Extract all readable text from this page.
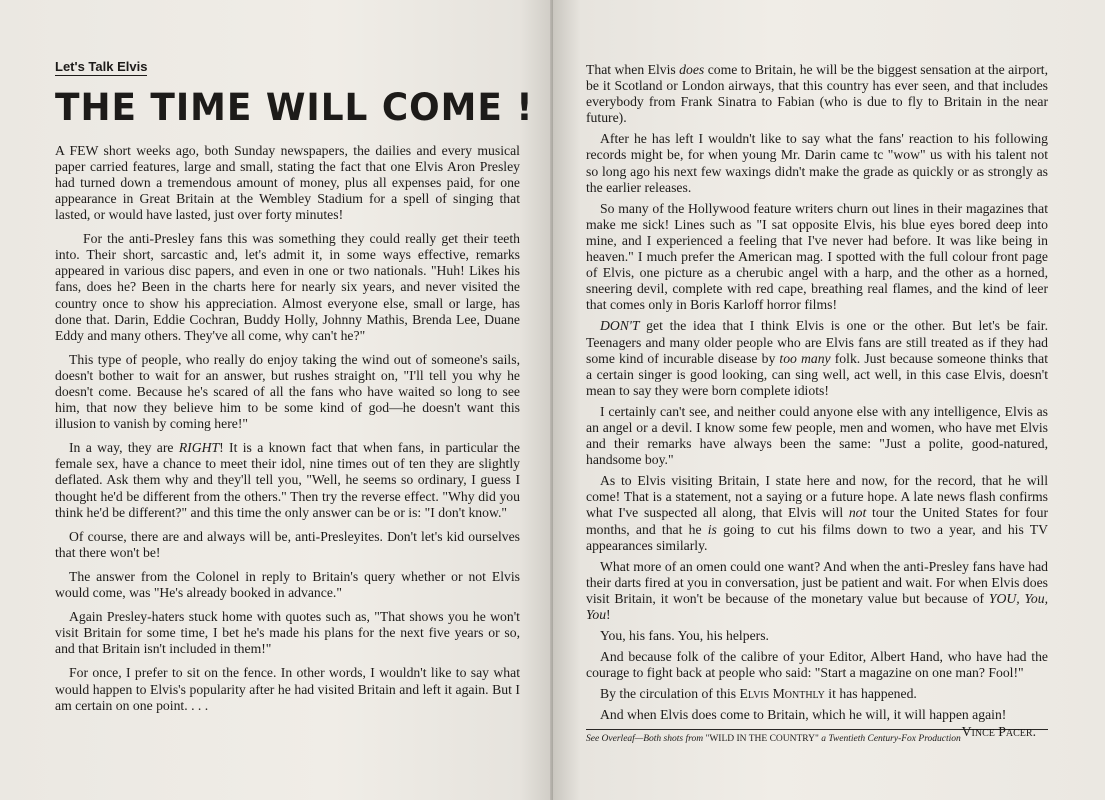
Let's Talk Elvis
THE TIME WILL COME !

A FEW short weeks ago, both Sunday newspapers, the dailies and every musical paper carried features, large and small, stating the fact that one Elvis Aron Presley had turned down a tremendous amount of money, plus all expenses paid, for one appearance in Great Britain at the Wembley Stadium for a spell of singing that lasted, or would have lasted, just over forty minutes!

For the anti-Presley fans this was something they could really get their teeth into. Their short, sarcastic and, let's admit it, in some ways effective, remarks appeared in various disc papers, and even in one or two nationals. "Huh! Likes his fans, does he? Been in the charts here for nearly six years, and never visited the country once to show his appreciation. Almost everyone else, small or large, has done that. Darin, Eddie Cochran, Buddy Holly, Johnny Mathis, Brenda Lee, Duane Eddy and many others. They've all come, why can't he?"

This type of people, who really do enjoy taking the wind out of someone's sails, doesn't bother to wait for an answer, but rushes straight on, "I'll tell you why he doesn't come. Because he's scared of all the fans who have waited so long to see him, that now they believe him to be some kind of god—he doesn't want this illusion to vanish by coming here!"

In a way, they are RIGHT! It is a known fact that when fans, in particular the female sex, have a chance to meet their idol, nine times out of ten they are slightly deflated. Ask them why and they'll tell you, "Well, he seems so ordinary, I guess I thought he'd be different from the others." Then try the reverse effect. "Why did you think he'd be different?" and this time the only answer can be or is: "I don't know."

Of course, there are and always will be, anti-Presleyites. Don't let's kid ourselves that there won't be!

The answer from the Colonel in reply to Britain's query whether or not Elvis would come, was "He's already booked in advance."

Again Presley-haters stuck home with quotes such as, "That shows you he won't visit Britain for some time, I bet he's made his plans for the next five years or so, and that Britain isn't included in them!"

For once, I prefer to sit on the fence. In other words, I wouldn't like to say what would happen to Elvis's popularity after he had visited Britain and left it again. But I am certain on one point. . . .

That when Elvis does come to Britain, he will be the biggest sensation at the airport, be it Scotland or London airways, that this country has ever seen, and that includes everybody from Frank Sinatra to Fabian (who is due to fly to Britain in the near future).

After he has left I wouldn't like to say what the fans' reaction to his following records might be, for when young Mr. Darin came tc "wow" us with his talent not so long ago his next few waxings didn't make the grade as quickly or as strongly as the earlier releases.

So many of the Hollywood feature writers churn out lines in their magazines that make me sick! Lines such as "I sat opposite Elvis, his blue eyes bored deep into mine, and I experienced a feeling that I've never had before. It was like being in heaven." I much prefer the American mag. I spotted with the full colour front page of Elvis, one picture as a cherubic angel with a harp, and the other as a horned, sneering devil, complete with red cape, breathing real flames, and the kind of leer that comes only in Boris Karloff horror films!

DON'T get the idea that I think Elvis is one or the other. But let's be fair. Teenagers and many older people who are Elvis fans are still treated as if they had some kind of incurable disease by too many folk. Just because someone thinks that a certain singer is good looking, can sing well, act well, in this case Elvis, doesn't mean to say they were born complete idiots!

I certainly can't see, and neither could anyone else with any intelligence, Elvis as an angel or a devil. I know some few people, men and women, who have met Elvis and their remarks have always been the same: "Just a polite, good-natured, handsome boy."

As to Elvis visiting Britain, I state here and now, for the record, that he will come! That is a statement, not a saying or a future hope. A late news flash confirms what I've suspected all along, that Elvis will not tour the United States for four months, and that he is going to cut his films down to two a year, and his TV appearances similarly.

What more of an omen could one want? And when the anti-Presley fans have had their darts fired at you in conversation, just be patient and wait. For when Elvis does visit Britain, it won't be because of the monetary value but because of YOU, You, You!

You, his fans. You, his helpers.

And because folk of the calibre of your Editor, Albert Hand, who have had the courage to fight back at people who said: "Start a magazine on one man? Fool!"

By the circulation of this Elvis Monthly it has happened.

And when Elvis does come to Britain, which he will, it will happen again!
Vince Pacer.

See Overleaf—Both shots from "WILD IN THE COUNTRY" a Twentieth Century-Fox Production
